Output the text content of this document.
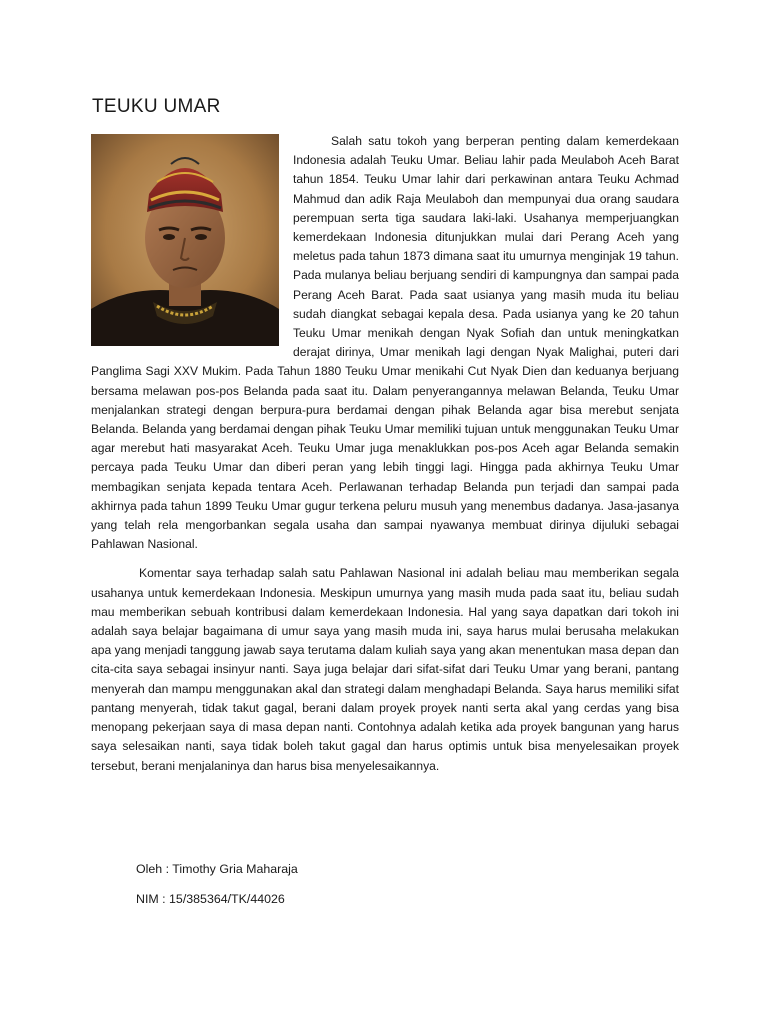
TEUKU UMAR

Salah satu tokoh yang berperan penting dalam kemerdekaan Indonesia adalah Teuku Umar. Beliau lahir pada Meulaboh Aceh Barat tahun 1854. Teuku Umar lahir dari perkawinan antara Teuku Achmad Mahmud dan adik Raja Meulaboh dan mempunyai dua orang saudara perempuan serta tiga saudara laki-laki. Usahanya memperjuangkan kemerdekaan Indonesia ditunjukkan mulai dari Perang Aceh yang meletus pada tahun 1873 dimana saat itu umurnya menginjak 19 tahun. Pada mulanya beliau berjuang sendiri di kampungnya dan sampai pada Perang Aceh Barat. Pada saat usianya yang masih muda itu beliau sudah diangkat sebagai kepala desa. Pada usianya yang ke 20 tahun Teuku Umar menikah dengan Nyak Sofiah dan untuk meningkatkan derajat dirinya, Umar menikah lagi dengan Nyak Malighai, puteri dari Panglima Sagi XXV Mukim. Pada Tahun 1880 Teuku Umar menikahi Cut Nyak Dien dan keduanya berjuang bersama melawan pos-pos Belanda pada saat itu. Dalam penyerangannya melawan Belanda, Teuku Umar menjalankan strategi dengan berpura-pura berdamai dengan pihak Belanda agar bisa merebut senjata Belanda. Belanda yang berdamai dengan pihak Teuku Umar memiliki tujuan untuk menggunakan Teuku Umar agar merebut hati masyarakat Aceh. Teuku Umar juga menaklukkan pos-pos Aceh agar Belanda semakin percaya pada Teuku Umar dan diberi peran yang lebih tinggi lagi. Hingga pada akhirnya Teuku Umar membagikan senjata kepada tentara Aceh. Perlawanan terhadap Belanda pun terjadi dan sampai pada akhirnya pada tahun 1899 Teuku Umar gugur terkena peluru musuh yang menembus dadanya. Jasa-jasanya yang telah rela mengorbankan segala usaha dan sampai nyawanya membuat dirinya dijuluki sebagai Pahlawan Nasional.

Komentar saya terhadap salah satu Pahlawan Nasional ini adalah beliau mau memberikan segala usahanya untuk kemerdekaan Indonesia. Meskipun umurnya yang masih muda pada saat itu, beliau sudah mau memberikan sebuah kontribusi dalam kemerdekaan Indonesia. Hal yang saya dapatkan dari tokoh ini adalah saya belajar bagaimana di umur saya yang masih muda ini, saya harus mulai berusaha melakukan apa yang menjadi tanggung jawab saya terutama dalam kuliah saya yang akan menentukan masa depan dan cita-cita saya sebagai insinyur nanti. Saya juga belajar dari sifat-sifat dari Teuku Umar yang berani, pantang menyerah dan mampu menggunakan akal dan strategi dalam menghadapi Belanda. Saya harus memiliki sifat pantang menyerah, tidak takut gagal, berani dalam proyek proyek nanti serta akal yang cerdas yang bisa menopang pekerjaan saya di masa depan nanti. Contohnya adalah ketika ada proyek bangunan yang harus saya selesaikan nanti, saya tidak boleh takut gagal dan harus optimis untuk bisa menyelesaikan proyek tersebut, berani menjalaninya dan harus bisa menyelesaikannya.

Oleh : Timothy Gria Maharaja

NIM : 15/385364/TK/44026
